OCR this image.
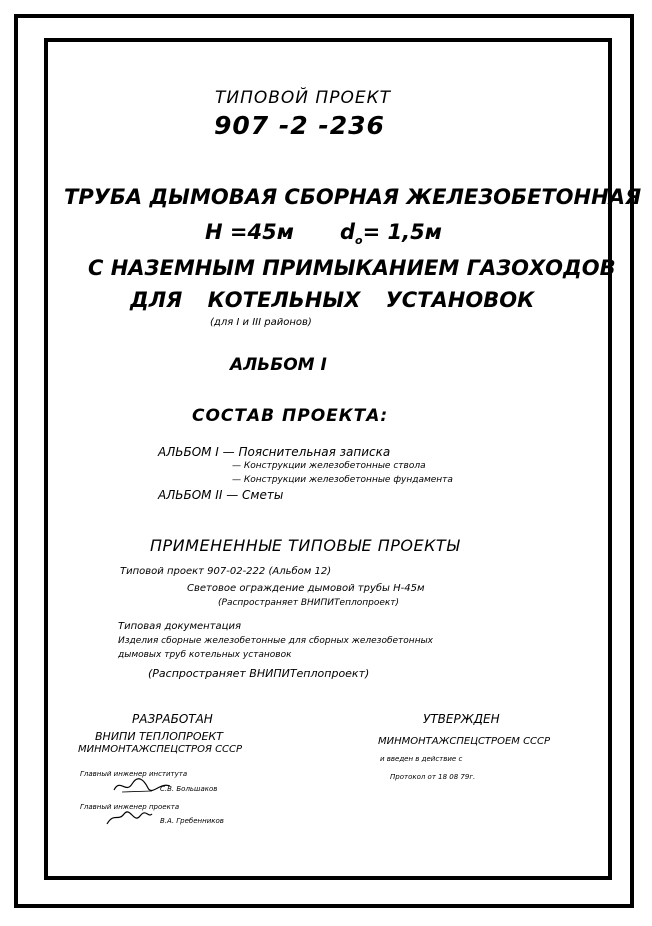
ТИПОВОЙ ПРОЕКТ
907 -2 -236
ТРУБА ДЫМОВАЯ СБОРНАЯ ЖЕЛЕЗОБЕТОННАЯ
H =45м $d_o= 1,5м$
С НАЗЕМНЫМ ПРИМЫКАНИЕМ ГАЗОХОДОВ
ДЛЯ КОТЕЛЬНЫХ УСТАНОВОК
(для I и III районов)
АЛЬБОМ I
СОСТАВ ПРОЕКТА:
АЛЬБОМ I — Пояснительная записка
— Конструкции железобетонные ствола
— Конструкции железобетонные фундамента
АЛЬБОМ II — Сметы
ПРИМЕНЕННЫЕ ТИПОВЫЕ ПРОЕКТЫ
Типовой проект 907-02-222 (Альбом 12)
Световое ограждение дымовой трубы Н-45м
(Распространяет ВНИПИТеплопроект)
Типовая документация
Изделия сборные железобетонные для сборных железобетонных
дымовых труб котельных установок
(Распространяет ВНИПИТеплопроект)
РАЗРАБОТАН
ВНИПИ ТЕПЛОПРОЕКТ
МИНМОНТАЖСПЕЦСТРОЯ СССР
Главный инженер института
С.В. Большаков
Главный инженер проекта
В.А. Гребенников
УТВЕРЖДЕН
МИНМОНТАЖСПЕЦСТРОЕМ СССР
и введен в действие с
Протокол от 18 08 79г.
